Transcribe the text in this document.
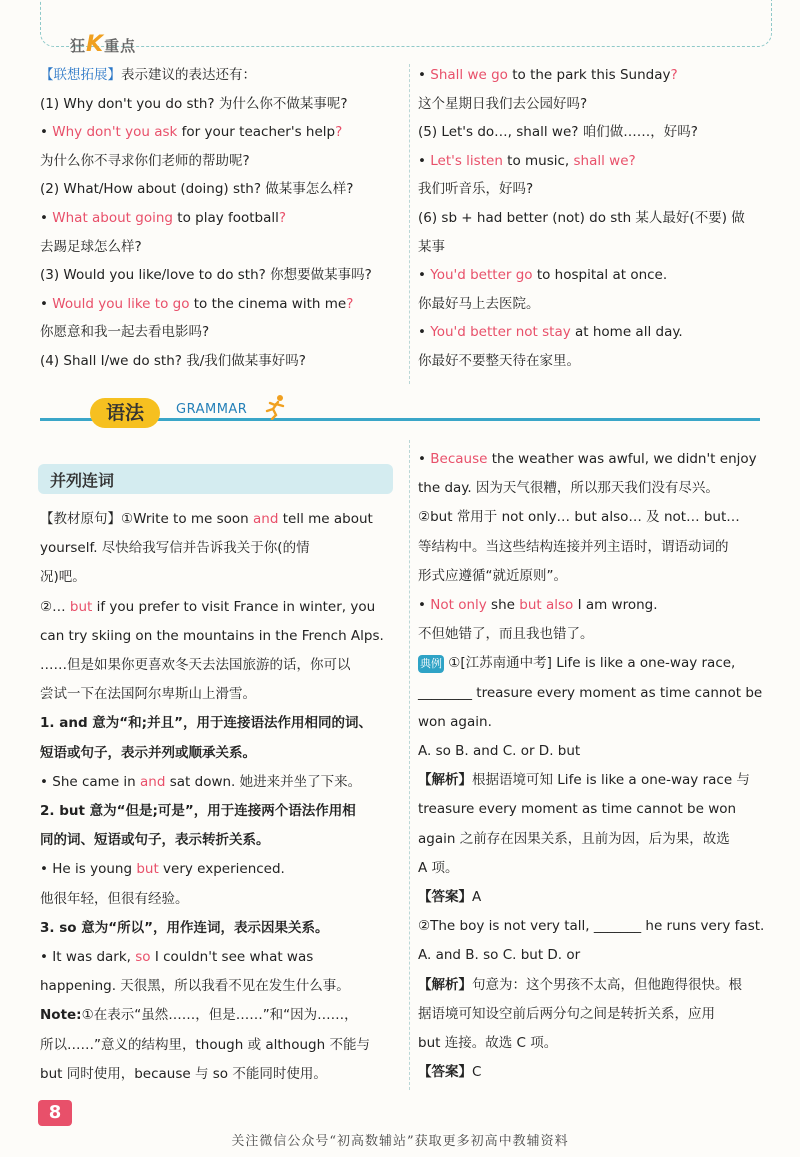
狂K重点
语法	GRAMMAR
并列连词
8
关注微信公众号“初高数辅站”获取更多初高中教辅资料
【联想拓展】表示建议的表达还有：
(1) Why don't you do sth? 为什么你不做某事呢?
• Why don't you ask for your teacher's help?
为什么你不寻求你们老师的帮助呢?
(2) What/How about (doing) sth? 做某事怎么样?
• What about going to play football?
去踢足球怎么样?
(3) Would you like/love to do sth? 你想要做某事吗?
• Would you like to go to the cinema with me?
你愿意和我一起去看电影吗?
(4) Shall I/we do sth? 我/我们做某事好吗?
• Shall we go to the park this Sunday?
这个星期日我们去公园好吗?
(5) Let's do…, shall we? 咱们做……，好吗?
• Let's listen to music, shall we?
我们听音乐，好吗?
(6) sb + had better (not) do sth 某人最好(不要) 做
某事
• You'd better go to hospital at once.
你最好马上去医院。
• You'd better not stay at home all day.
你最好不要整天待在家里。
【教材原句】①Write to me soon and tell me about
yourself. 尽快给我写信并告诉我关于你(的情
况)吧。
②… but if you prefer to visit France in winter, you
can try skiing on the mountains in the French Alps.
……但是如果你更喜欢冬天去法国旅游的话，你可以
尝试一下在法国阿尔卑斯山上滑雪。
1. and 意为“和;并且”，用于连接语法作用相同的词、
短语或句子，表示并列或顺承关系。
• She came in and sat down. 她进来并坐了下来。
2. but 意为“但是;可是”，用于连接两个语法作用相
同的词、短语或句子，表示转折关系。
• He is young but very experienced.
他很年轻，但很有经验。
3. so 意为“所以”，用作连词，表示因果关系。
• It was dark, so I couldn't see what was
happening. 天很黑，所以我看不见在发生什么事。
Note:①在表示“虽然……，但是……”和“因为……，
所以……”意义的结构里，though 或 although 不能与
but 同时使用，because 与 so 不能同时使用。
• Because the weather was awful, we didn't enjoy
the day. 因为天气很糟，所以那天我们没有尽兴。
②but 常用于 not only… but also… 及 not… but…
等结构中。当这些结构连接并列主语时，谓语动词的
形式应遵循“就近原则”。
• Not only she but also I am wrong.
不但她错了，而且我也错了。
典例 ①[江苏南通中考] Life is like a one-way race,
________ treasure every moment as time cannot be
won again.
A. so B. and C. or D. but
【解析】根据语境可知 Life is like a one-way race 与
treasure every moment as time cannot be won
again 之前存在因果关系，且前为因，后为果，故选
A 项。
【答案】A
②The boy is not very tall, _______ he runs very fast.
A. and B. so C. but D. or
【解析】句意为：这个男孩不太高，但他跑得很快。根
据语境可知设空前后两分句之间是转折关系，应用
but 连接。故选 C 项。
【答案】C
